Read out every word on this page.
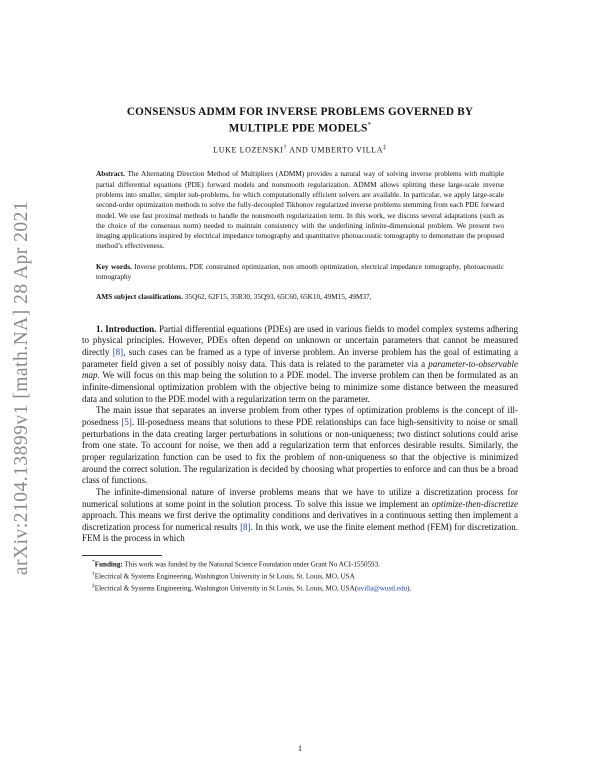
arXiv:2104.13899v1 [math.NA] 28 Apr 2021
CONSENSUS ADMM FOR INVERSE PROBLEMS GOVERNED BY
MULTIPLE PDE MODELS*
LUKE LOZENSKI† AND UMBERTO VILLA‡
Abstract. The Alternating Direction Method of Multipliers (ADMM) provides a natural way of solving inverse problems with multiple partial differential equations (PDE) forward models and nonsmooth regularization. ADMM allows splitting these large-scale inverse problems into smaller, simpler sub-problems, for which computationally efficient solvers are available. In particular, we apply large-scale second-order optimization methods to solve the fully-decoupled Tikhonov regularized inverse problems stemming from each PDE forward model. We use fast proximal methods to handle the nonsmooth regularization term. In this work, we discuss several adaptations (such as the choice of the consensus norm) needed to maintain consistency with the underlining infinite-dimensional problem. We present two imaging applications inspired by electrical impedance tomography and quantitative photoacoustic tomography to demonstrate the proposed method’s effectiveness.
Key words. Inverse problems, PDE constrained optimization, non smooth optimization, electrical impedance tomography, photoacoustic tomography
AMS subject classifications. 35Q62, 62F15, 35R30, 35Q93, 65C60, 65K10, 49M15, 49M37,

1. Introduction. Partial differential equations (PDEs) are used in various fields to model complex systems adhering to physical principles. However, PDEs often depend on unknown or uncertain parameters that cannot be measured directly [8], such cases can be framed as a type of inverse problem. An inverse problem has the goal of estimating a parameter field given a set of possibly noisy data. This data is related to the parameter via a parameter-to-observable map. We will focus on this map being the solution to a PDE model. The inverse problem can then be formulated as an infinite-dimensional optimization problem with the objective being to minimize some distance between the measured data and solution to the PDE model with a regularization term on the parameter.

The main issue that separates an inverse problem from other types of optimization problems is the concept of ill-posedness [5]. Ill-posedness means that solutions to these PDE relationships can face high-sensitivity to noise or small perturbations in the data creating larger perturbations in solutions or non-uniqueness; two distinct solutions could arise from one state. To account for noise, we then add a regularization term that enforces desirable results. Similarly, the proper regularization function can be used to fix the problem of non-uniqueness so that the objective is minimized around the correct solution. The regularization is decided by choosing what properties to enforce and can thus be a broad class of functions.

The infinite-dimensional nature of inverse problems means that we have to utilize a discretization process for numerical solutions at some point in the solution process. To solve this issue we implement an optimize-then-discretize approach. This means we first derive the optimality conditions and derivatives in a continuous setting then implement a discretization process for numerical results [8]. In this work, we use the finite element method (FEM) for discretization. FEM is the process in which

*Funding: This work was funded by the National Science Foundation under Grant No ACI-1550593.

†Electrical & Systems Engineering, Washington University in St Louis, St. Louis, MO, USA

‡Electrical & Systems Engineering, Washington University in St Louis, St. Louis, MO, USA(uvilla@wustl.edu).

1
